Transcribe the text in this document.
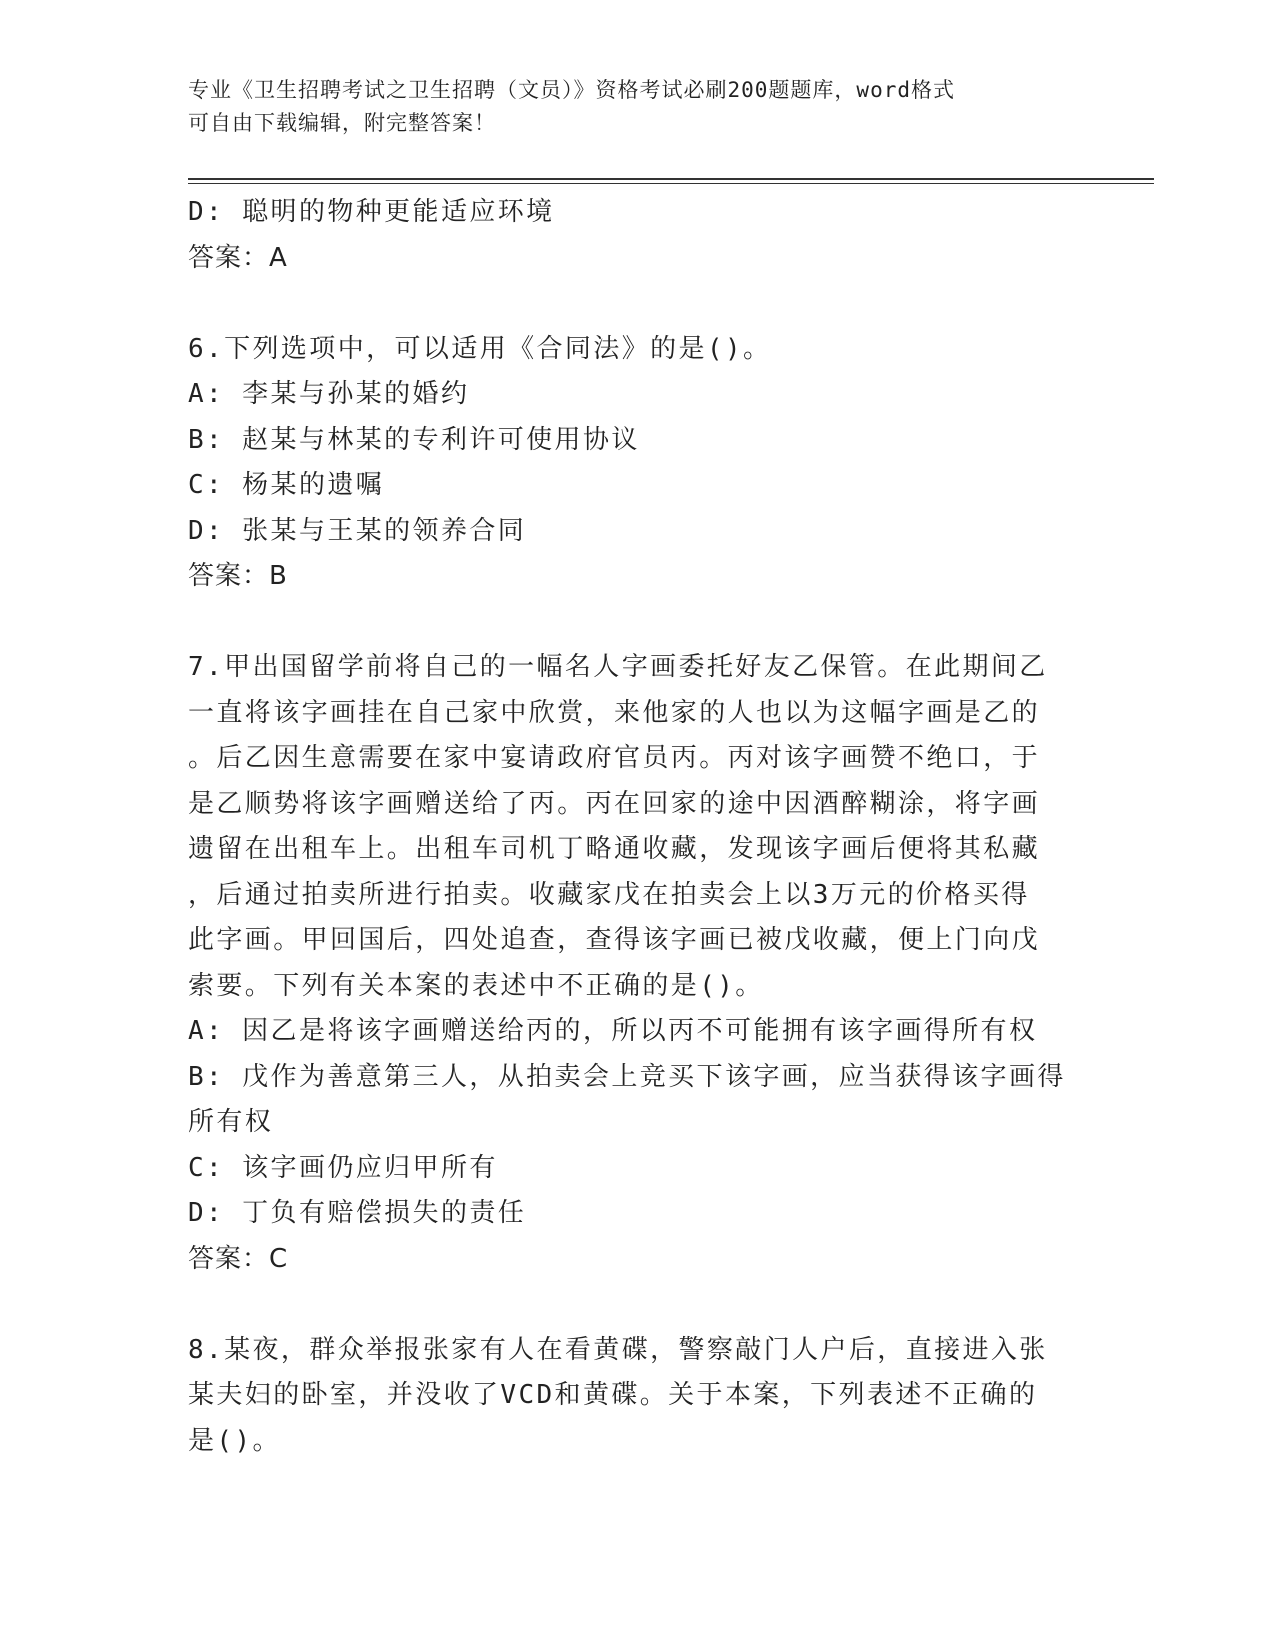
专业《卫生招聘考试之卫生招聘（文员）》资格考试必刷200题题库，word格式
可自由下载编辑，附完整答案！
D: 聪明的物种更能适应环境
答案：A
6.下列选项中，可以适用《合同法》的是()。
A: 李某与孙某的婚约
B: 赵某与林某的专利许可使用协议
C: 杨某的遗嘱
D: 张某与王某的领养合同
答案：B
7.甲出国留学前将自己的一幅名人字画委托好友乙保管。在此期间乙
一直将该字画挂在自己家中欣赏，来他家的人也以为这幅字画是乙的
。后乙因生意需要在家中宴请政府官员丙。丙对该字画赞不绝口，于
是乙顺势将该字画赠送给了丙。丙在回家的途中因酒醉糊涂，将字画
遗留在出租车上。出租车司机丁略通收藏，发现该字画后便将其私藏
，后通过拍卖所进行拍卖。收藏家戊在拍卖会上以3万元的价格买得
此字画。甲回国后，四处追查，查得该字画已被戊收藏，便上门向戊
索要。下列有关本案的表述中不正确的是()。
A: 因乙是将该字画赠送给丙的，所以丙不可能拥有该字画得所有权
B: 戊作为善意第三人，从拍卖会上竞买下该字画，应当获得该字画得
所有权
C: 该字画仍应归甲所有
D: 丁负有赔偿损失的责任
答案：C
8.某夜，群众举报张家有人在看黄碟，警察敲门人户后，直接进入张
某夫妇的卧室，并没收了VCD和黄碟。关于本案，下列表述不正确的
是()。
